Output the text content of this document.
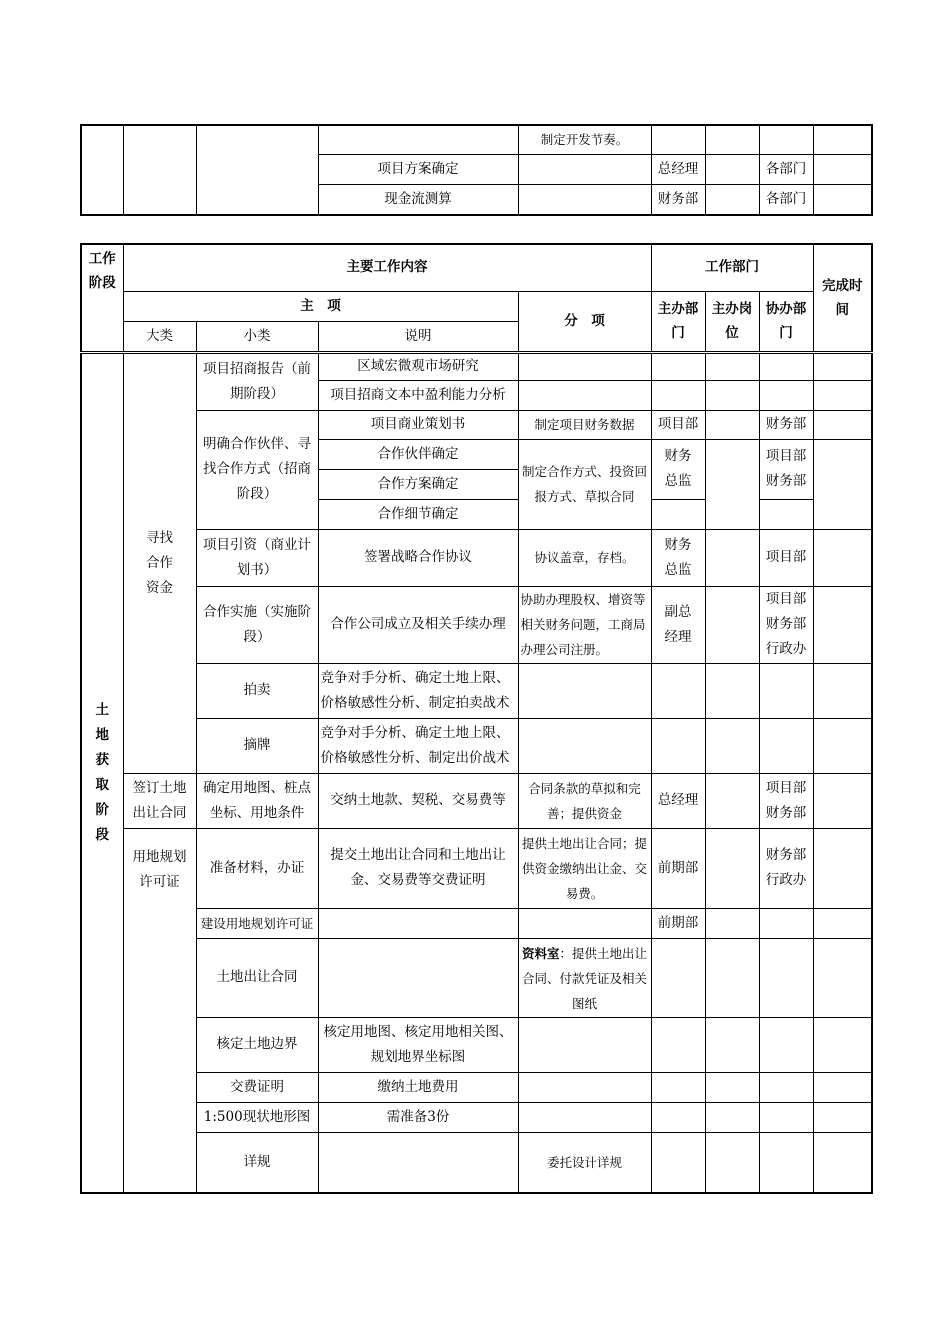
				制定开发节奏。				
			项目方案确定		总经理		各部门	
			现金流测算		财务部		各部门	
工作阶段	主要工作内容				工作部门			完成时间
	主　项			分　项	主办部门	主办岗位	协办部门	
	大类	小类	说明					
土地获取阶段	寻找合作资金	项目招商报告（前期阶段）	区域宏微观市场研究					
			项目招商文本中盈利能力分析					
		明确合作伙伴、寻找合作方式（招商阶段）	项目商业策划书	制定项目财务数据	项目部		财务部	
			合作伙伴确定	制定合作方式、投资回报方式、草拟合同	财务总监		项目部财务部	
			合作方案确定					
			合作细节确定					
		项目引资（商业计划书）	签署战略合作协议	协议盖章，存档。	财务总监		项目部	
		合作实施（实施阶段）	合作公司成立及相关手续办理	协助办理股权、增资等相关财务问题，工商局办理公司注册。	副总经理		项目部财务部行政办	
		拍卖	竞争对手分析、确定土地上限、价格敏感性分析、制定拍卖战术					
		摘牌	竞争对手分析、确定土地上限、价格敏感性分析、制定出价战术					
	签订土地出让合同	确定用地图、桩点坐标、用地条件	交纳土地款、契税、交易费等	合同条款的草拟和完善；提供资金	总经理		项目部财务部	
	用地规划许可证	准备材料，办证	提交土地出让合同和土地出让金、交易费等交费证明	提供土地出让合同；提供资金缴纳出让金、交易费。	前期部		财务部行政办	
		建设用地规划许可证			前期部			
		土地出让合同		资料室：提供土地出让合同、付款凭证及相关图纸				
		核定土地边界	核定用地图、核定用地相关图、规划地界坐标图					
		交费证明	缴纳土地费用					
		1:500现状地形图	需准备3份					
		详规		委托设计详规				
